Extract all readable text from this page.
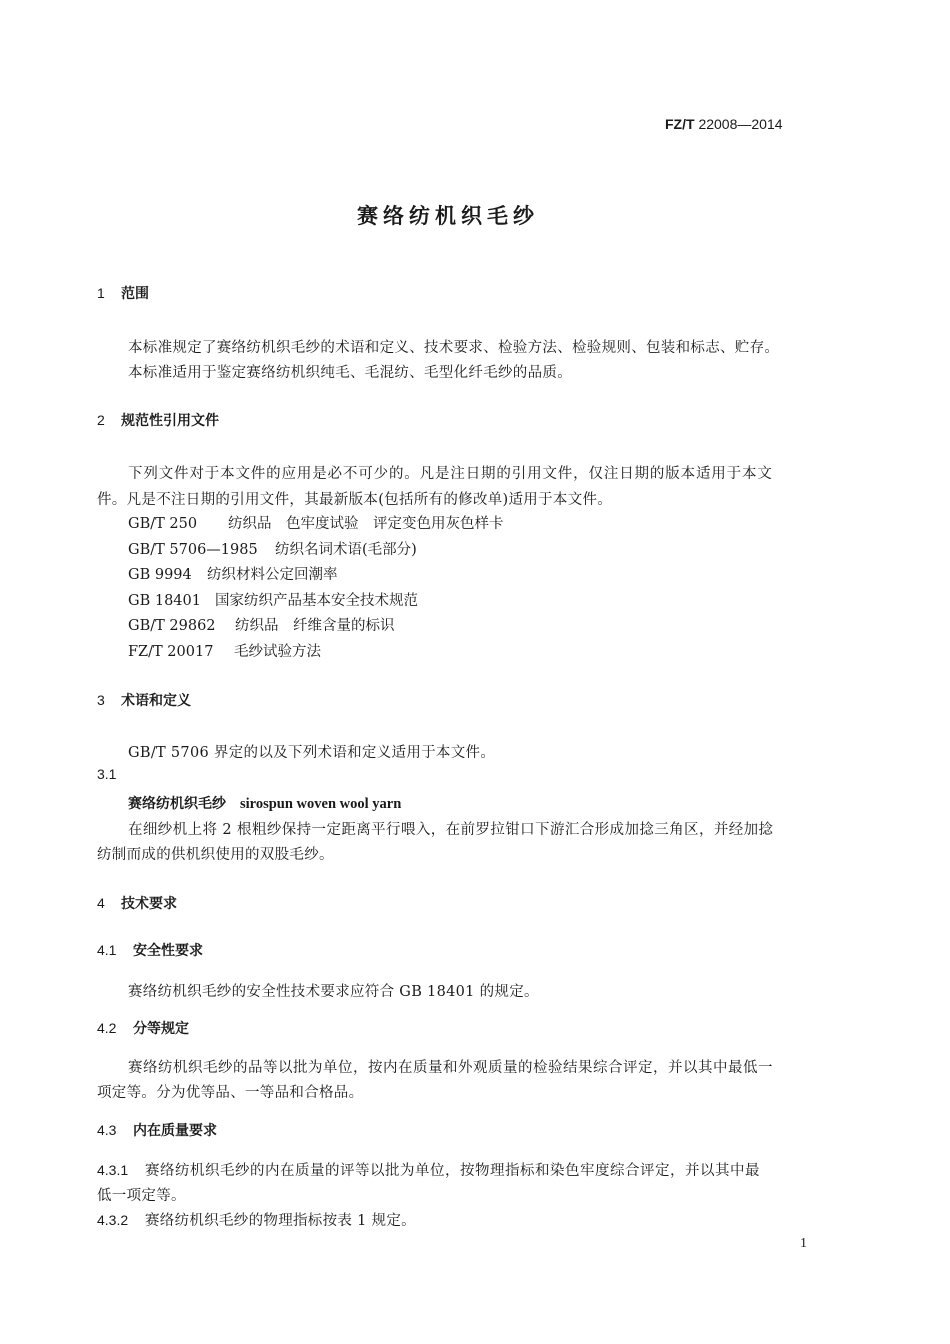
FZ/T 22008—2014
赛络纺机织毛纱
1 范围
本标准规定了赛络纺机织毛纱的术语和定义、技术要求、检验方法、检验规则、包装和标志、贮存。
本标准适用于鉴定赛络纺机织纯毛、毛混纺、毛型化纤毛纱的品质。
2 规范性引用文件
下列文件对于本文件的应用是必不可少的。凡是注日期的引用文件，仅注日期的版本适用于本文
件。凡是不注日期的引用文件，其最新版本(包括所有的修改单)适用于本文件。
GB/T 250 纺织品　色牢度试验　评定变色用灰色样卡
GB/T 5706—1985 纺织名词术语(毛部分)
GB 9994 纺织材料公定回潮率
GB 18401 国家纺织产品基本安全技术规范
GB/T 29862 纺织品　纤维含量的标识
FZ/T 20017 毛纱试验方法
3 术语和定义
GB/T 5706 界定的以及下列术语和定义适用于本文件。
3.1
赛络纺机织毛纱 sirospun woven wool yarn
在细纱机上将 2 根粗纱保持一定距离平行喂入，在前罗拉钳口下游汇合形成加捻三角区，并经加捻
纺制而成的供机织使用的双股毛纱。
4 技术要求
4.1 安全性要求
赛络纺机织毛纱的安全性技术要求应符合 GB 18401 的规定。
4.2 分等规定
赛络纺机织毛纱的品等以批为单位，按内在质量和外观质量的检验结果综合评定，并以其中最低一
项定等。分为优等品、一等品和合格品。
4.3 内在质量要求
4.3.1 赛络纺机织毛纱的内在质量的评等以批为单位，按物理指标和染色牢度综合评定，并以其中最
低一项定等。
4.3.2 赛络纺机织毛纱的物理指标按表 1 规定。
1
